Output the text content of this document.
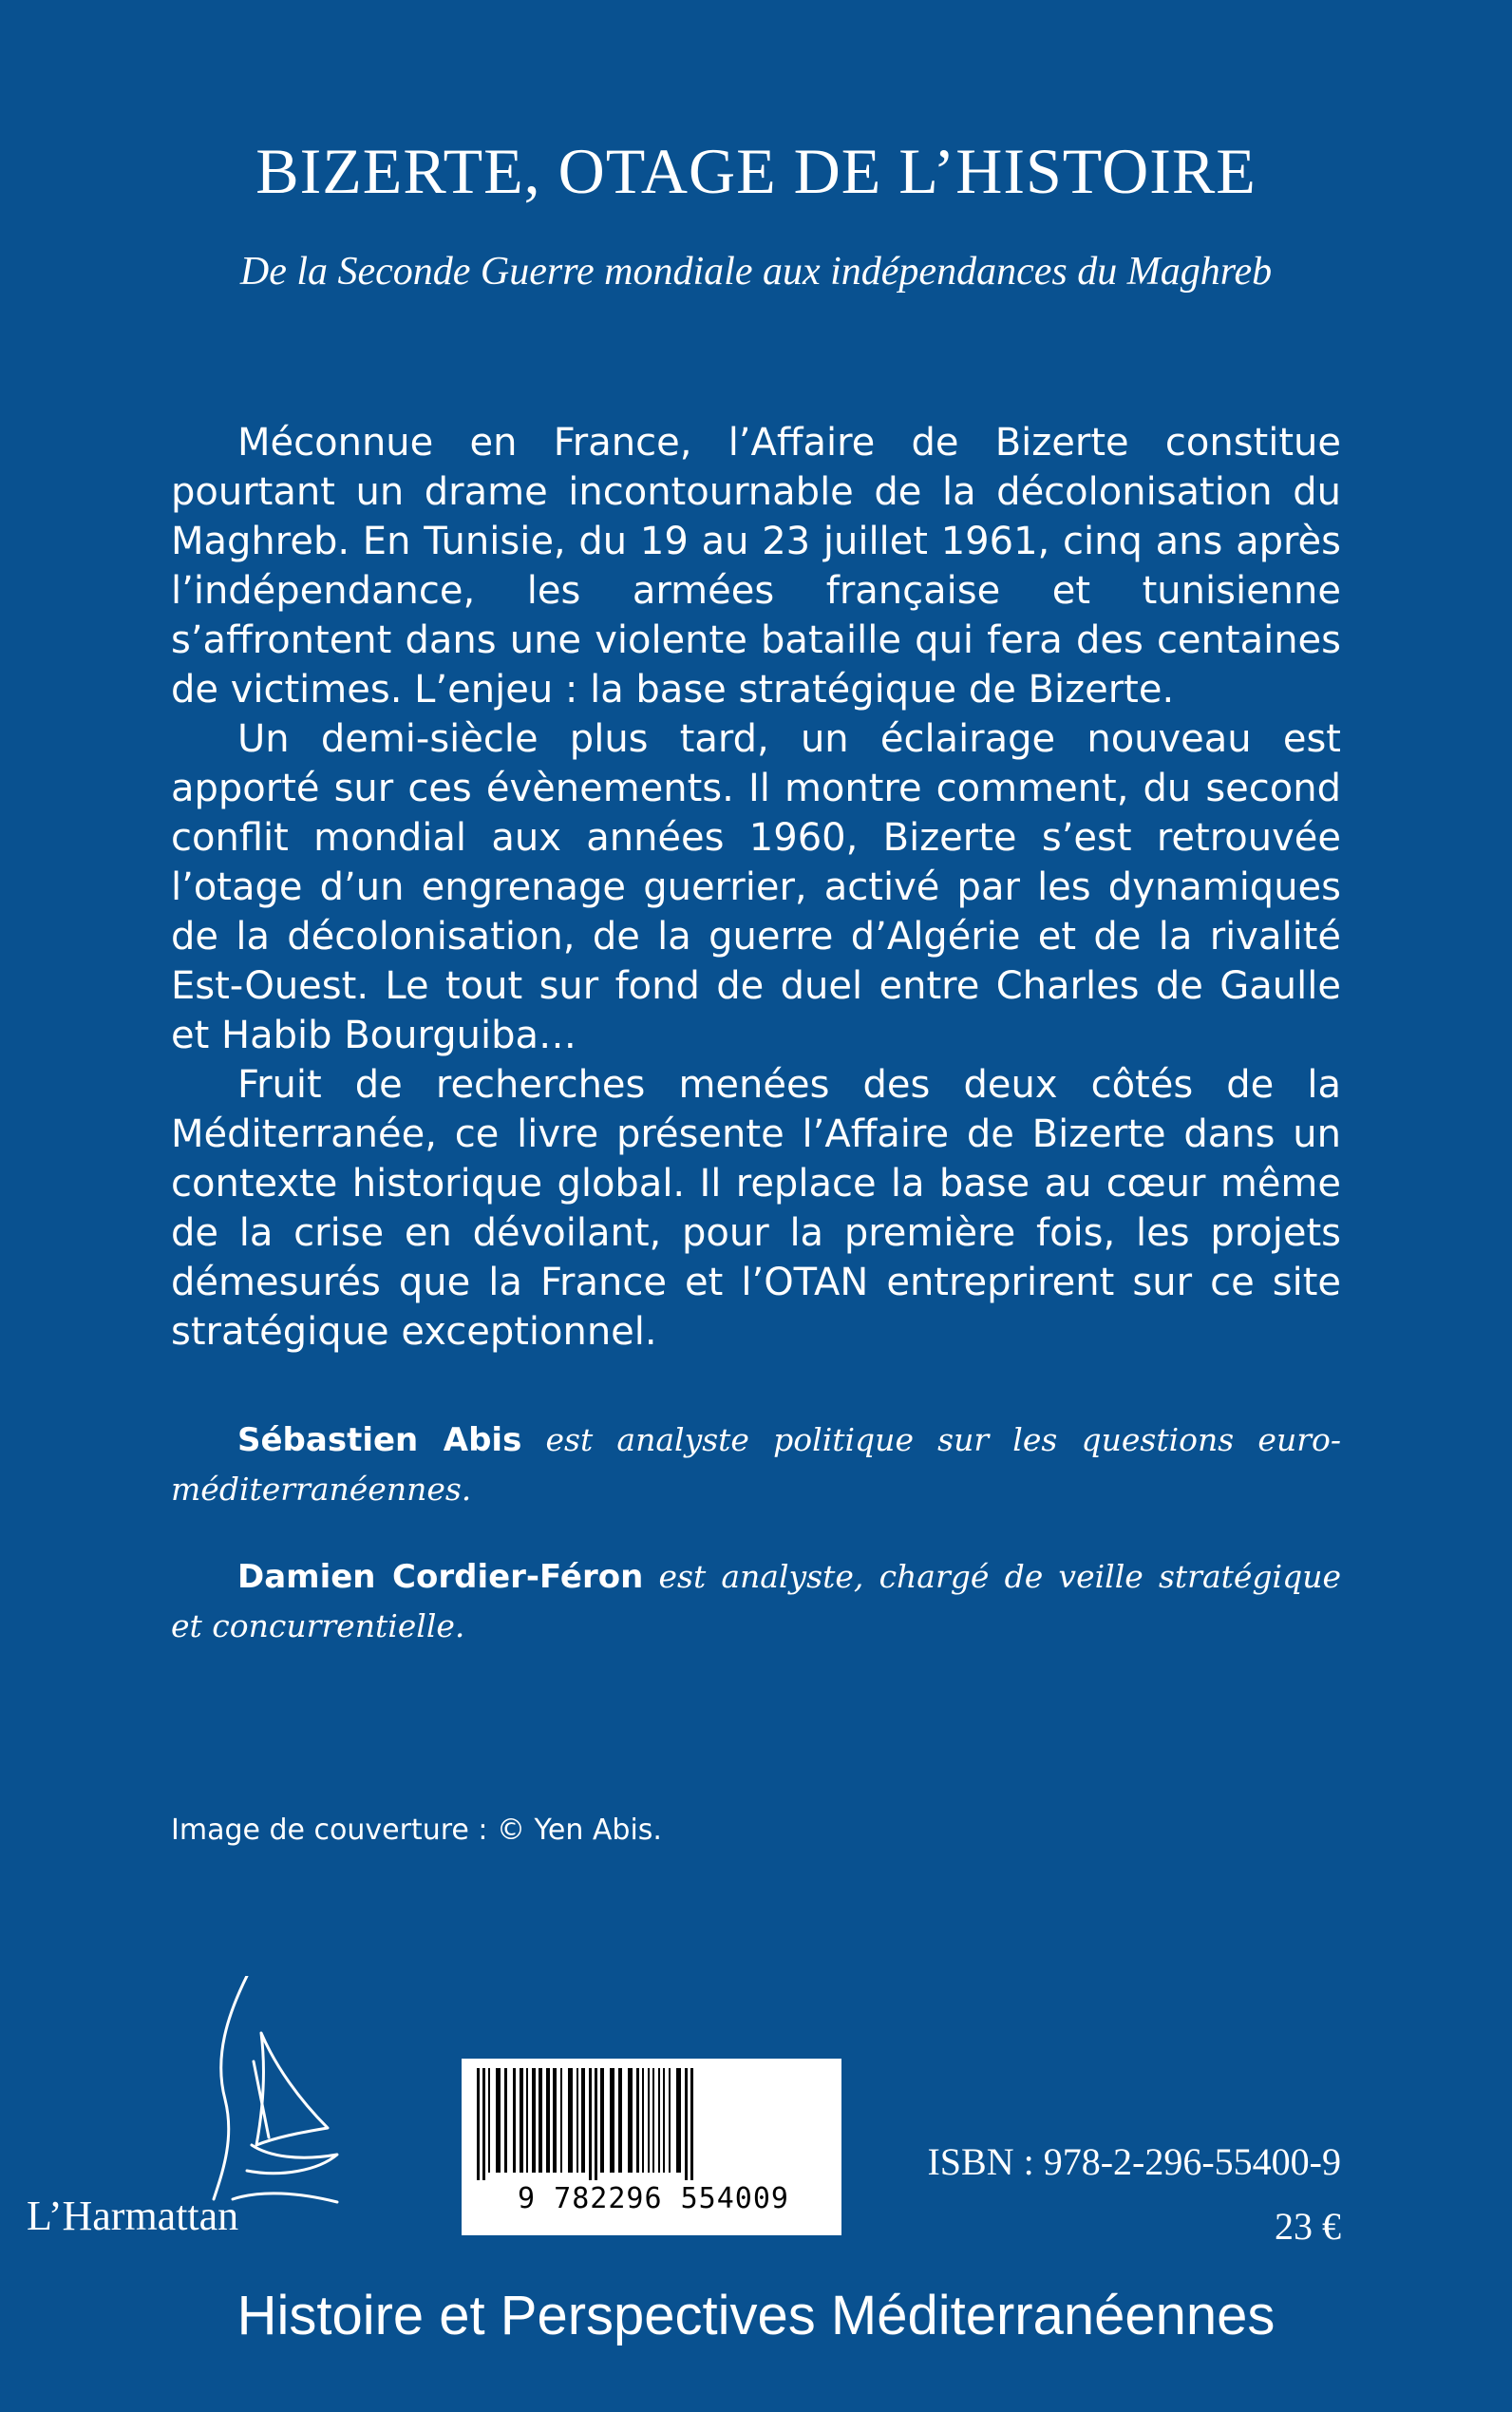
BIZERTE, OTAGE DE L’HISTOIRE
De la Seconde Guerre mondiale aux indépendances du Maghreb

Méconnue en France, l’Affaire de Bizerte constitue pourtant un drame incontournable de la décolonisation du Maghreb. En Tunisie, du 19 au 23 juillet 1961, cinq ans après l’indépendance, les armées française et tunisienne s’affrontent dans une violente bataille qui fera des centaines de victimes. L’enjeu : la base stratégique de Bizerte.

Un demi-siècle plus tard, un éclairage nouveau est apporté sur ces évènements. Il montre comment, du second conflit mondial aux années 1960, Bizerte s’est retrouvée l’otage d’un engrenage guerrier, activé par les dynamiques de la décolonisation, de la guerre d’Algérie et de la rivalité Est-Ouest. Le tout sur fond de duel entre Charles de Gaulle et Habib Bourguiba…

Fruit de recherches menées des deux côtés de la Méditerranée, ce livre présente l’Affaire de Bizerte dans un contexte historique global. Il replace la base au cœur même de la crise en dévoilant, pour la première fois, les projets démesurés que la France et l’OTAN entreprirent sur ce site stratégique exceptionnel.

Sébastien Abis est analyste politique sur les questions euro-méditerranéennes.

Damien Cordier-Féron est analyste, chargé de veille stratégique et concurrentielle.

Image de couverture : © Yen Abis.
L’Harmattan	9 782296 554009
ISBN : 978-2-296-55400-9
23 €
Histoire et Perspectives Méditerranéennes
